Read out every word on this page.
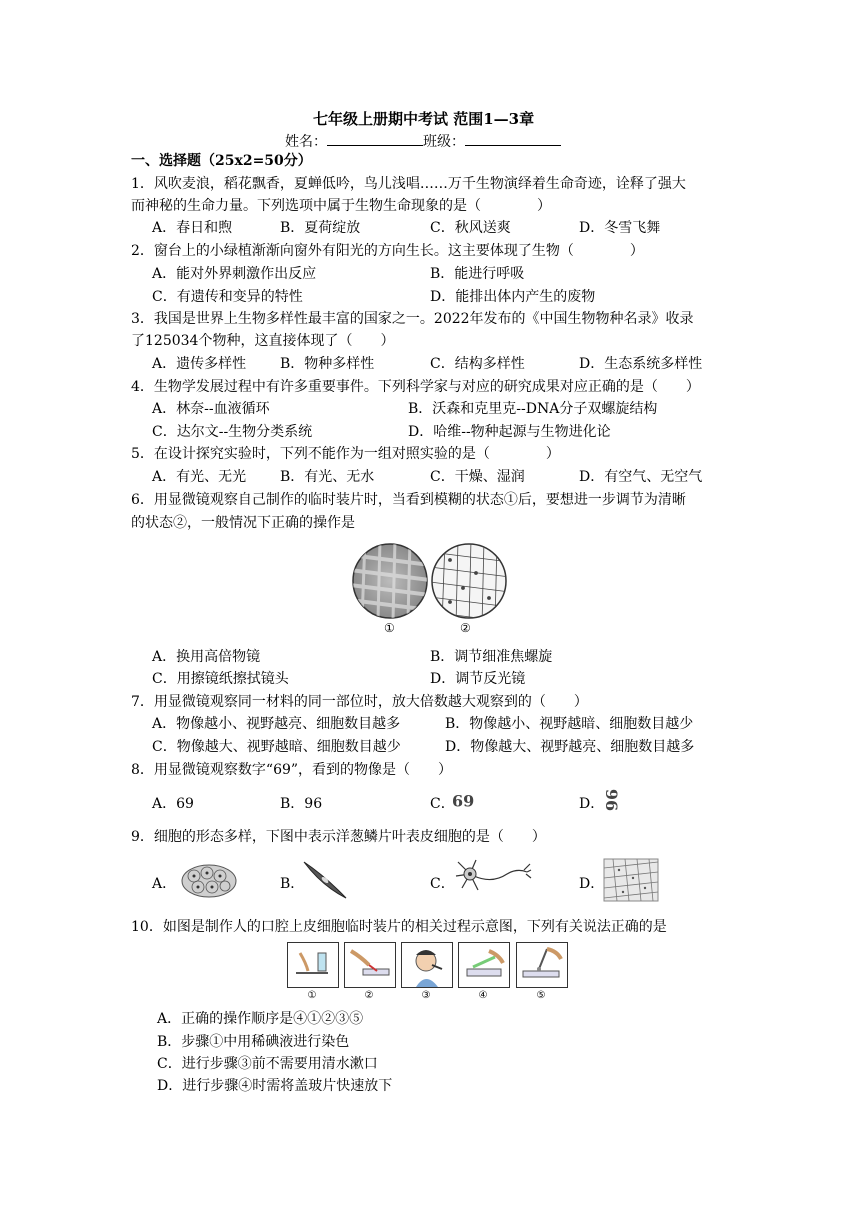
七年级上册期中考试 范围1—3章
姓名：	班级：
一、选择题（25x2=50分）
1．风吹麦浪，稻花飘香，夏蝉低吟，鸟儿浅唱……万千生物演绎着生命奇迹，诠释了强大
而神秘的生命力量。下列选项中属于生物生命现象的是（　　　　）
A．春日和煦	B．夏荷绽放	C．秋风送爽	D．冬雪飞舞
2．窗台上的小绿植渐渐向窗外有阳光的方向生长。这主要体现了生物（　　　　）
A．能对外界刺激作出反应	B．能进行呼吸
C．有遗传和变异的特性	D．能排出体内产生的废物
3．我国是世界上生物多样性最丰富的国家之一。2022年发布的《中国生物物种名录》收录
了125034个物种，这直接体现了（　　）
A．遗传多样性 B．物种多样性	C．结构多样性	D．生态系统多样性
4．生物学发展过程中有许多重要事件。下列科学家与对应的研究成果对应正确的是（　　）
A．林奈--血液循环	B．沃森和克里克--DNA分子双螺旋结构
C．达尔文--生物分类系统	D．哈维--物种起源与生物进化论
5．在设计探究实验时，下列不能作为一组对照实验的是（　　　　）
A．有光、无光 B．有光、无水	C．干燥、湿润	D．有空气、无空气
6．用显微镜观察自己制作的临时装片时，当看到模糊的状态①后，要想进一步调节为清晰
的状态②，一般情况下正确的操作是
①	②
A．换用高倍物镜	B．调节细准焦螺旋
C．用擦镜纸擦拭镜头	D．调节反光镜
7．用显微镜观察同一材料的同一部位时，放大倍数越大观察到的（　　）
A．物像越小、视野越亮、细胞数目越多	B．物像越小、视野越暗、细胞数目越少
C．物像越大、视野越暗、细胞数目越少	D．物像越大、视野越亮、细胞数目越多
8．用显微镜观察数字“69”，看到的物像是（　　）
A．69	B．96	C．
69	D．
96
9．细胞的形态多样，下图中表示洋葱鳞片叶表皮细胞的是（　　）
A．	B．	C．	D．
10．如图是制作人的口腔上皮细胞临时装片的相关过程示意图，下列有关说法正确的是
①	②	③	④	⑤
A．正确的操作顺序是④①②③⑤
B．步骤①中用稀碘液进行染色
C．进行步骤③前不需要用清水漱口
D．进行步骤④时需将盖玻片快速放下
